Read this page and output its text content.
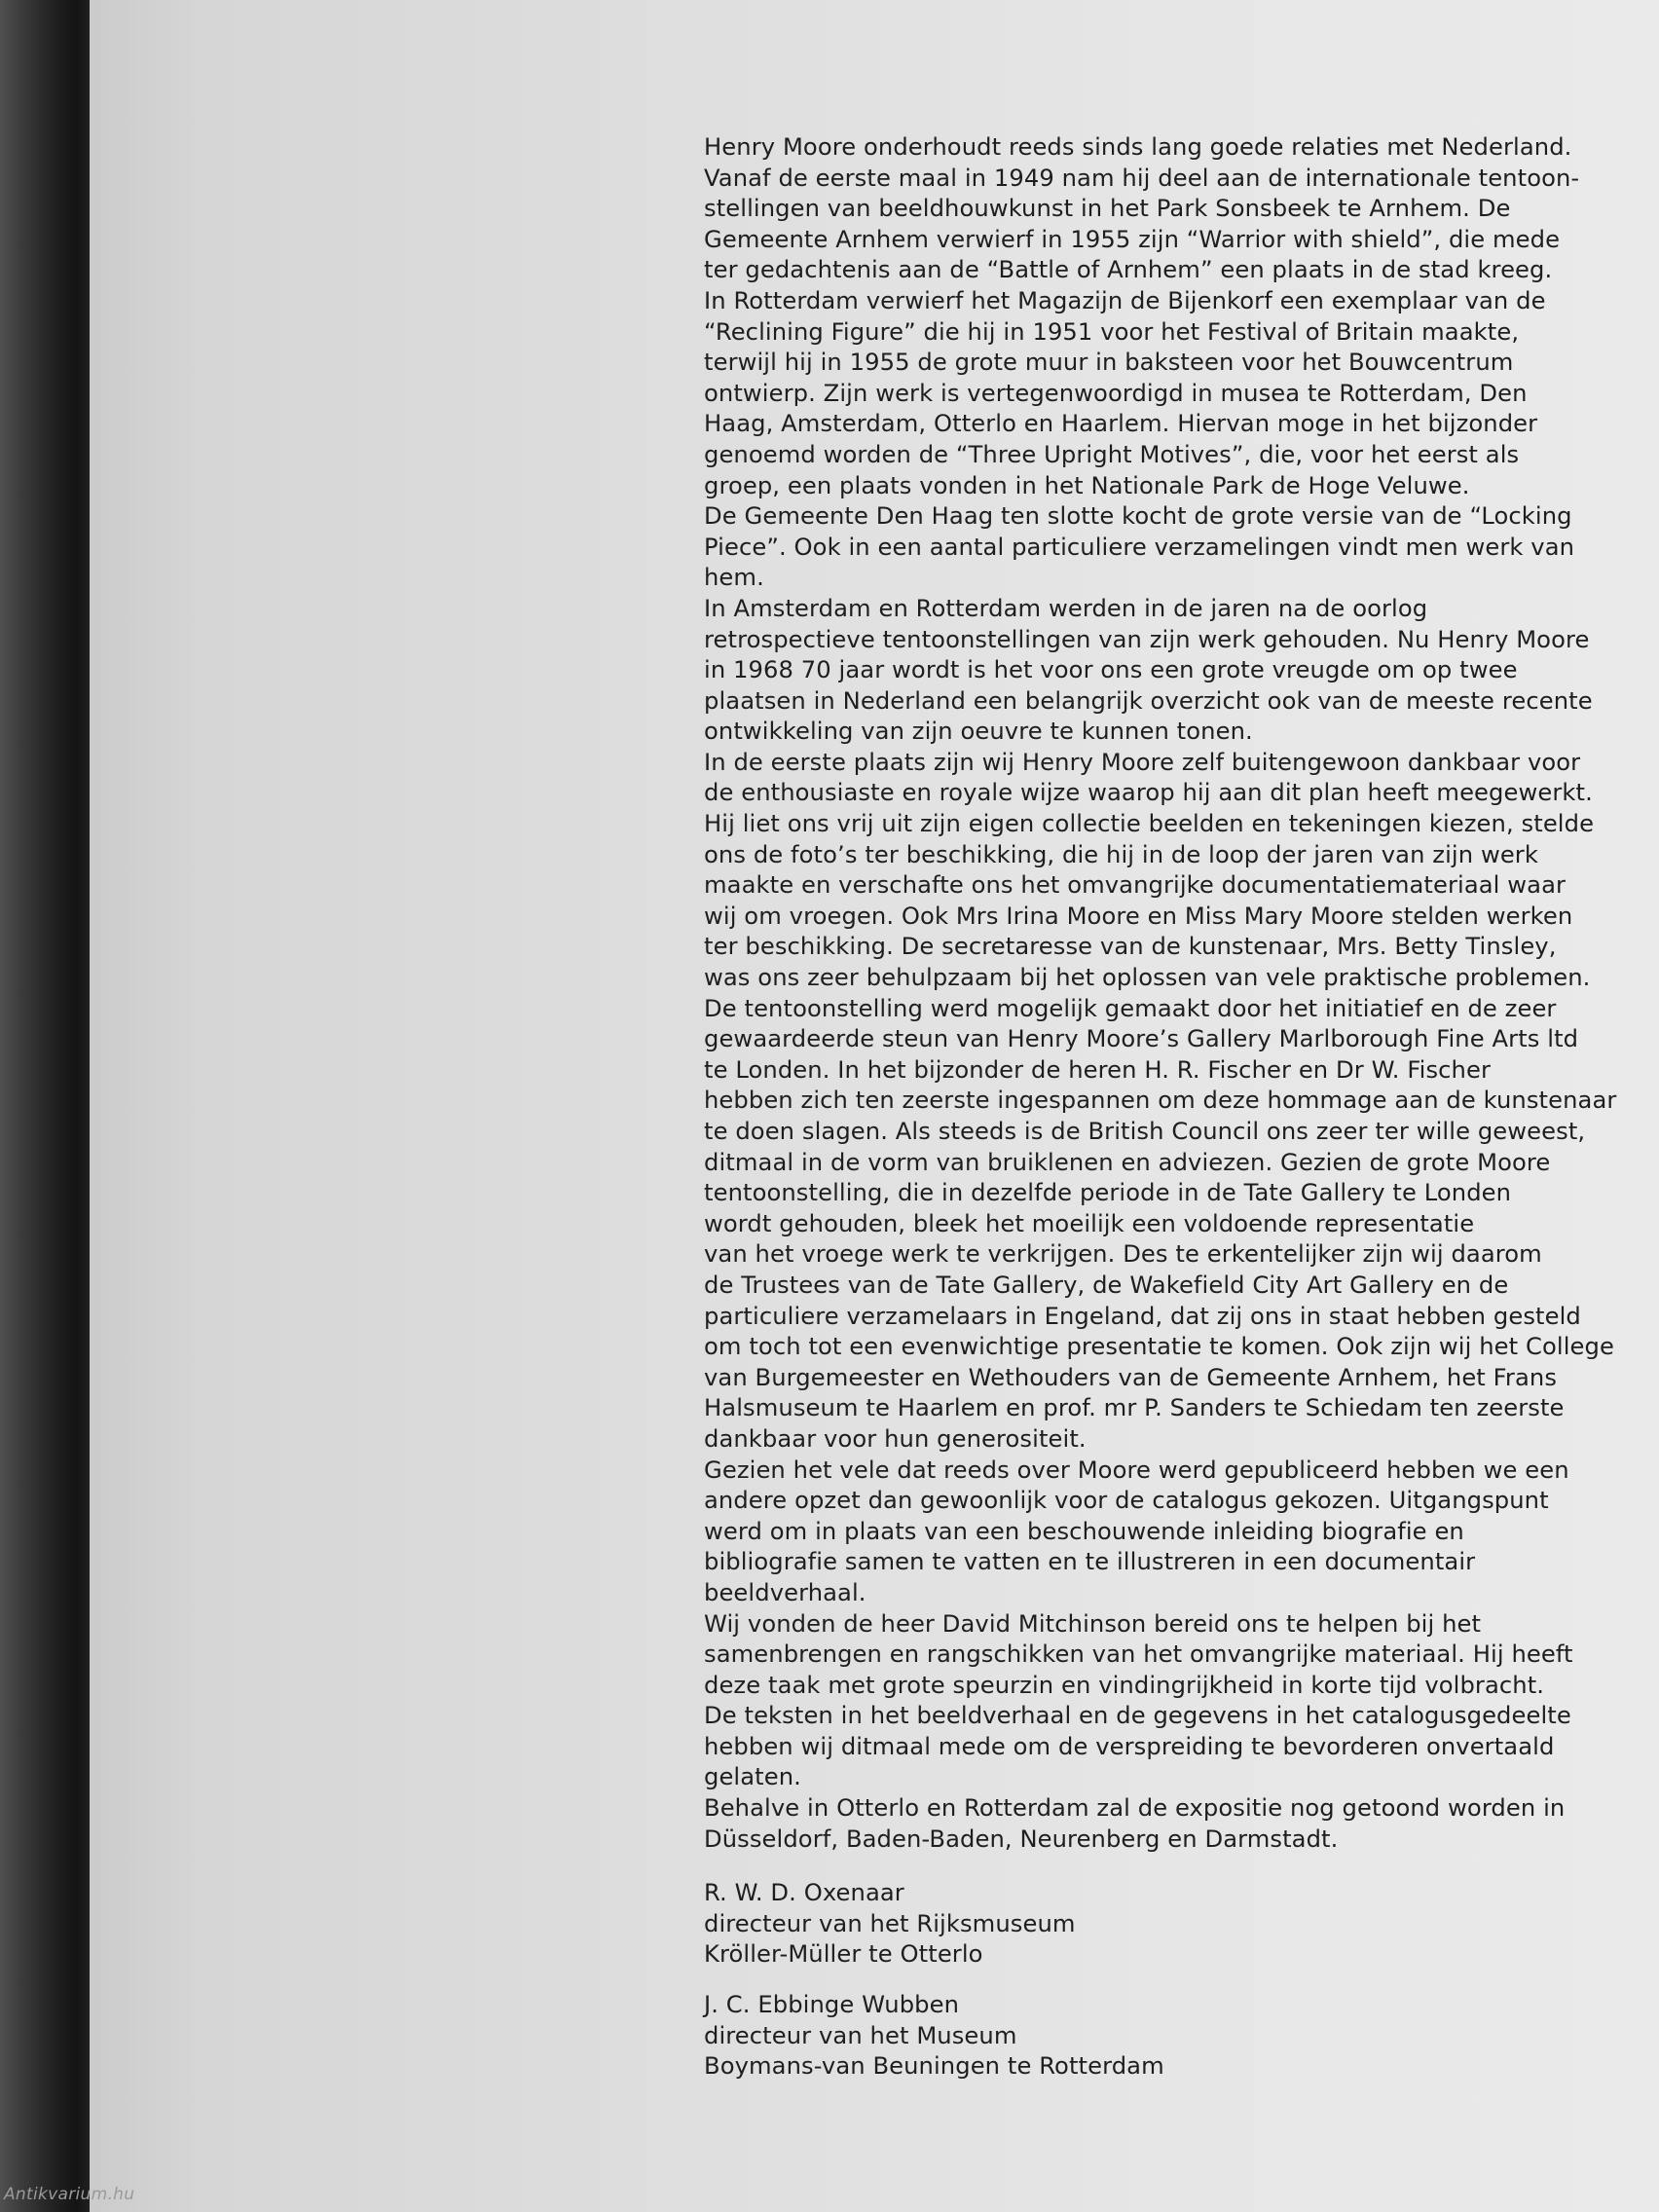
Henry Moore onderhoudt reeds sinds lang goede relaties met Nederland.
Vanaf de eerste maal in 1949 nam hij deel aan de internationale tentoon-
stellingen van beeldhouwkunst in het Park Sonsbeek te Arnhem. De
Gemeente Arnhem verwierf in 1955 zijn “Warrior with shield”, die mede
ter gedachtenis aan de “Battle of Arnhem” een plaats in de stad kreeg.
In Rotterdam verwierf het Magazijn de Bijenkorf een exemplaar van de
“Reclining Figure” die hij in 1951 voor het Festival of Britain maakte,
terwijl hij in 1955 de grote muur in baksteen voor het Bouwcentrum
ontwierp. Zijn werk is vertegenwoordigd in musea te Rotterdam, Den
Haag, Amsterdam, Otterlo en Haarlem. Hiervan moge in het bijzonder
genoemd worden de “Three Upright Motives”, die, voor het eerst als
groep, een plaats vonden in het Nationale Park de Hoge Veluwe.
De Gemeente Den Haag ten slotte kocht de grote versie van de “Locking
Piece”. Ook in een aantal particuliere verzamelingen vindt men werk van
hem.
In Amsterdam en Rotterdam werden in de jaren na de oorlog
retrospectieve tentoonstellingen van zijn werk gehouden. Nu Henry Moore
in 1968 70 jaar wordt is het voor ons een grote vreugde om op twee
plaatsen in Nederland een belangrijk overzicht ook van de meeste recente
ontwikkeling van zijn oeuvre te kunnen tonen.
In de eerste plaats zijn wij Henry Moore zelf buitengewoon dankbaar voor
de enthousiaste en royale wijze waarop hij aan dit plan heeft meegewerkt.
Hij liet ons vrij uit zijn eigen collectie beelden en tekeningen kiezen, stelde
ons de foto’s ter beschikking, die hij in de loop der jaren van zijn werk
maakte en verschafte ons het omvangrijke documentatiemateriaal waar
wij om vroegen. Ook Mrs Irina Moore en Miss Mary Moore stelden werken
ter beschikking. De secretaresse van de kunstenaar, Mrs. Betty Tinsley,
was ons zeer behulpzaam bij het oplossen van vele praktische problemen.
De tentoonstelling werd mogelijk gemaakt door het initiatief en de zeer
gewaardeerde steun van Henry Moore’s Gallery Marlborough Fine Arts ltd
te Londen. In het bijzonder de heren H. R. Fischer en Dr W. Fischer
hebben zich ten zeerste ingespannen om deze hommage aan de kunstenaar
te doen slagen. Als steeds is de British Council ons zeer ter wille geweest,
ditmaal in de vorm van bruiklenen en adviezen. Gezien de grote Moore
tentoonstelling, die in dezelfde periode in de Tate Gallery te Londen
wordt gehouden, bleek het moeilijk een voldoende representatie
van het vroege werk te verkrijgen. Des te erkentelijker zijn wij daarom
de Trustees van de Tate Gallery, de Wakefield City Art Gallery en de
particuliere verzamelaars in Engeland, dat zij ons in staat hebben gesteld
om toch tot een evenwichtige presentatie te komen. Ook zijn wij het College
van Burgemeester en Wethouders van de Gemeente Arnhem, het Frans
Halsmuseum te Haarlem en prof. mr P. Sanders te Schiedam ten zeerste
dankbaar voor hun generositeit.
Gezien het vele dat reeds over Moore werd gepubliceerd hebben we een
andere opzet dan gewoonlijk voor de catalogus gekozen. Uitgangspunt
werd om in plaats van een beschouwende inleiding biografie en
bibliografie samen te vatten en te illustreren in een documentair
beeldverhaal.
Wij vonden de heer David Mitchinson bereid ons te helpen bij het
samenbrengen en rangschikken van het omvangrijke materiaal. Hij heeft
deze taak met grote speurzin en vindingrijkheid in korte tijd volbracht.
De teksten in het beeldverhaal en de gegevens in het catalogusgedeelte
hebben wij ditmaal mede om de verspreiding te bevorderen onvertaald
gelaten.
Behalve in Otterlo en Rotterdam zal de expositie nog getoond worden in
Düsseldorf, Baden-Baden, Neurenberg en Darmstadt.
R. W. D. Oxenaar
directeur van het Rijksmuseum
Kröller-Müller te Otterlo
J. C. Ebbinge Wubben
directeur van het Museum
Boymans-van Beuningen te Rotterdam
Antikvarium.hu
